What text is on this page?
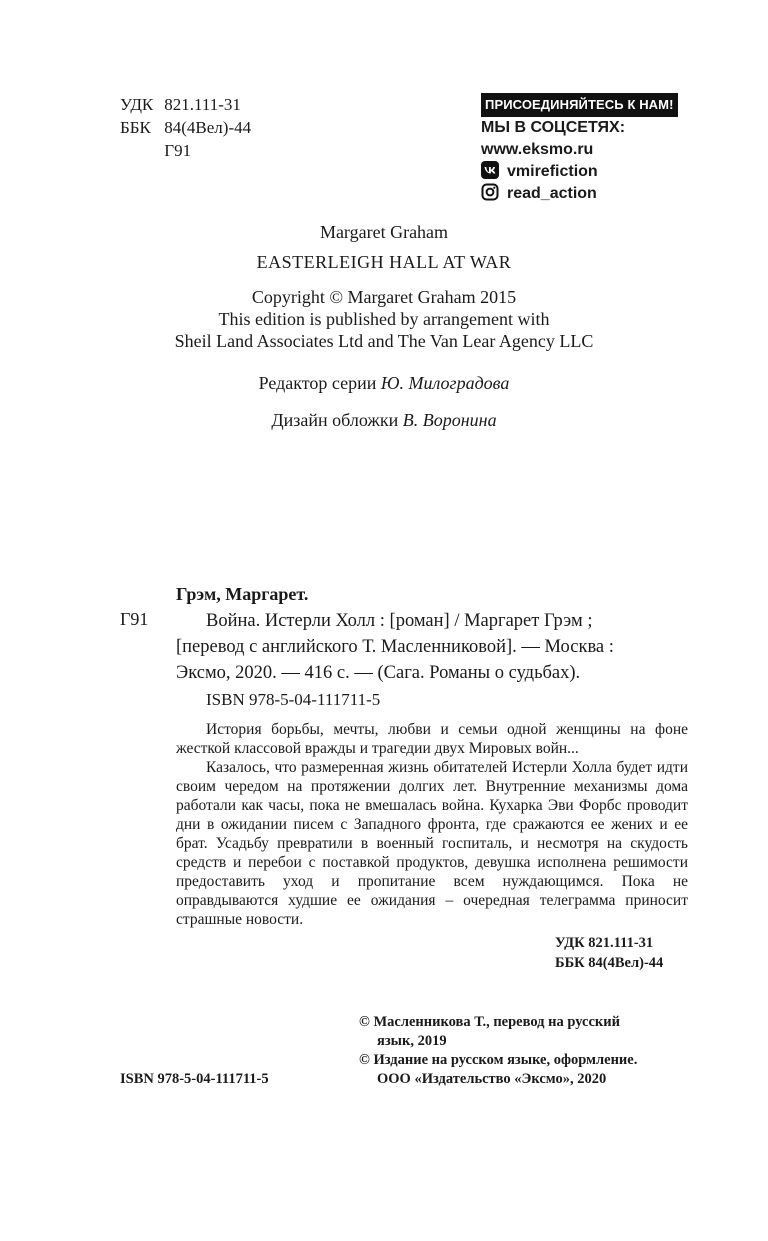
УДК 821.111-31
ББК 84(4Вел)-44
Г91
ПРИСОЕДИНЯЙТЕСЬ К НАМ!
МЫ В СОЦСЕТЯХ:
www.eksmo.ru
vmirefiction
read_action
Margaret Graham
EASTERLEIGH HALL AT WAR
Copyright © Margaret Graham 2015
This edition is published by arrangement with
Sheil Land Associates Ltd and The Van Lear Agency LLC
Редактор серии Ю. Милоградова
Дизайн обложки В. Воронина
Грэм, Маргарет.
Г91	Война. Истерли Холл : [роман] / Маргарет Грэм ;
[перевод с английского Т. Масленниковой]. — Москва :
Эксмо, 2020. — 416 с. — (Сага. Романы о судьбах).
ISBN 978-5-04-111711-5

История борьбы, мечты, любви и семьи одной женщины на фоне жесткой классовой вражды и трагедии двух Мировых войн...

Казалось, что размеренная жизнь обитателей Истерли Холла будет идти своим чередом на протяжении долгих лет. Внутренние механизмы дома работали как часы, пока не вмешалась война. Кухарка Эви Форбс проводит дни в ожидании писем с Западного фронта, где сражаются ее жених и ее брат. Усадьбу превратили в военный госпиталь, и несмотря на скудость средств и перебои с поставкой продуктов, девушка исполнена решимости предоставить уход и пропитание всем нуждающимся. Пока не оправдываются худшие ее ожидания – очередная телеграмма приносит страшные новости.

УДК 821.111-31
ББК 84(4Вел)-44
© Масленникова Т., перевод на русский
язык, 2019
© Издание на русском языке, оформление.
ООО «Издательство «Эксмо», 2020
ISBN 978-5-04-111711-5
